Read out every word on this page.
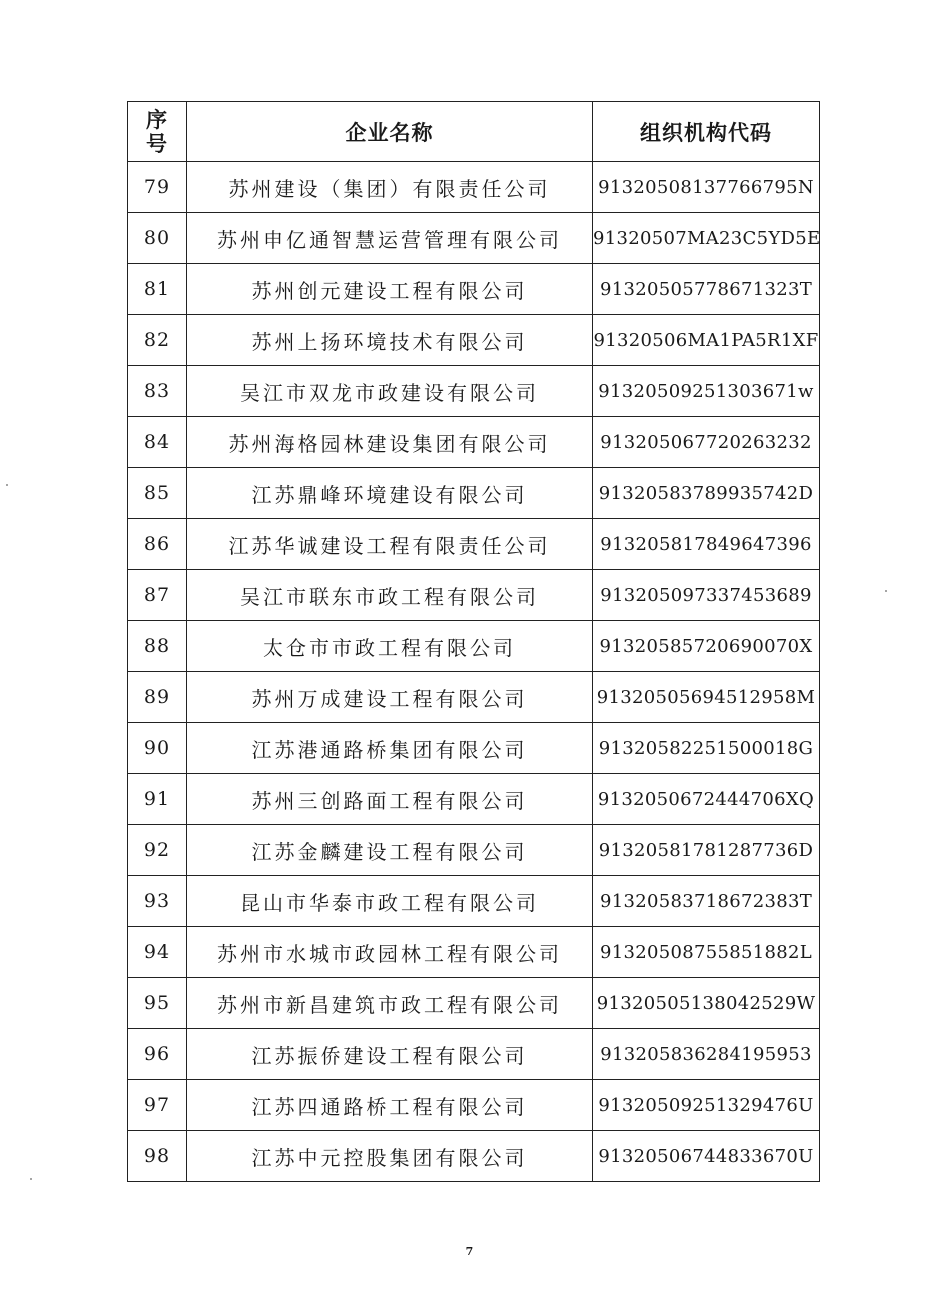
序
号	企业名称	组织机构代码
79	苏州建设（集团）有限责任公司	91320508137766795N
80	苏州申亿通智慧运营管理有限公司	91320507MA23C5YD5E
81	苏州创元建设工程有限公司	91320505778671323T
82	苏州上扬环境技术有限公司	91320506MA1PA5R1XF
83	吴江市双龙市政建设有限公司	91320509251303671w
84	苏州海格园林建设集团有限公司	913205067720263232
85	江苏鼎峰环境建设有限公司	91320583789935742D
86	江苏华诚建设工程有限责任公司	913205817849647396
87	吴江市联东市政工程有限公司	913205097337453689
88	太仓市市政工程有限公司	91320585720690070X
89	苏州万成建设工程有限公司	91320505694512958M
90	江苏港通路桥集团有限公司	91320582251500018G
91	苏州三创路面工程有限公司	9132050672444706XQ
92	江苏金麟建设工程有限公司	91320581781287736D
93	昆山市华泰市政工程有限公司	91320583718672383T
94	苏州市水城市政园林工程有限公司	91320508755851882L
95	苏州市新昌建筑市政工程有限公司	91320505138042529W
96	江苏振侨建设工程有限公司	913205836284195953
97	江苏四通路桥工程有限公司	91320509251329476U
98	江苏中元控股集团有限公司	91320506744833670U
7
